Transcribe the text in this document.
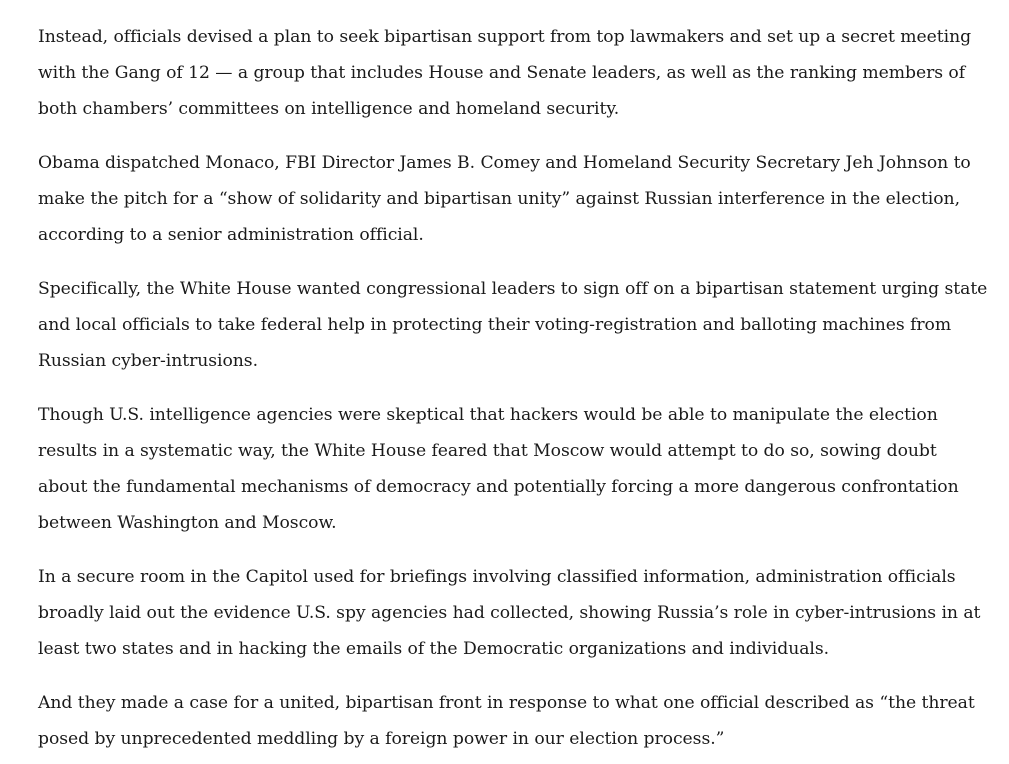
Instead, officials devised a plan to seek bipartisan support from top lawmakers and set up a secret meeting
with the Gang of 12 — a group that includes House and Senate leaders, as well as the ranking members of
both chambers’ committees on intelligence and homeland security.

Obama dispatched Monaco, FBI Director James B. Comey and Homeland Security Secretary Jeh Johnson to
make the pitch for a “show of solidarity and bipartisan unity” against Russian interference in the election,
according to a senior administration official.

Specifically, the White House wanted congressional leaders to sign off on a bipartisan statement urging state
and local officials to take federal help in protecting their voting-registration and balloting machines from
Russian cyber-intrusions.

Though U.S. intelligence agencies were skeptical that hackers would be able to manipulate the election
results in a systematic way, the White House feared that Moscow would attempt to do so, sowing doubt
about the fundamental mechanisms of democracy and potentially forcing a more dangerous confrontation
between Washington and Moscow.

In a secure room in the Capitol used for briefings involving classified information, administration officials
broadly laid out the evidence U.S. spy agencies had collected, showing Russia’s role in cyber-intrusions in at
least two states and in hacking the emails of the Democratic organizations and individuals.

And they made a case for a united, bipartisan front in response to what one official described as “the threat
posed by unprecedented meddling by a foreign power in our election process.”
